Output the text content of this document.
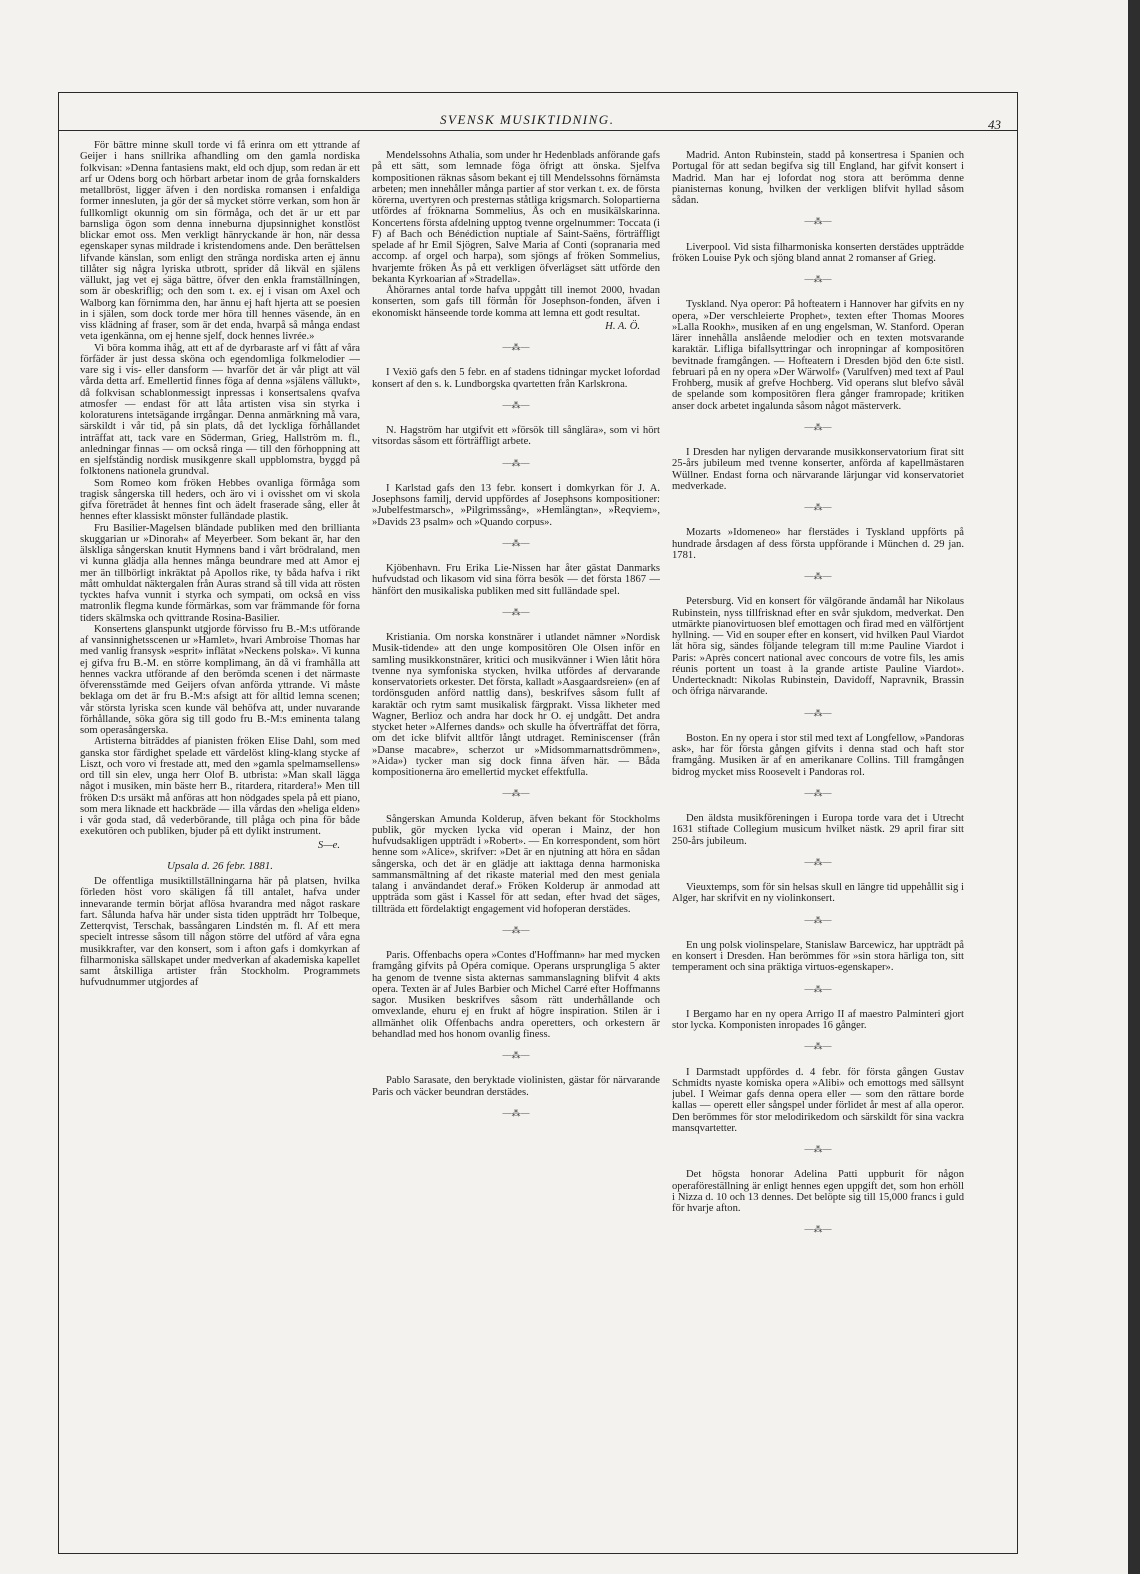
SVENSK MUSIKTIDNING.	43

För bättre minne skull torde vi få erinra om ett yttrande af Geijer i hans snillrika afhandling om den gamla nordiska folkvisan: »Denna fantasiens makt, eld och djup, som redan är ett arf ur Odens borg och hörbart arbetar inom de gråa fornskalders metallbröst, ligger äfven i den nordiska romansen i enfaldiga former innesluten, ja gör der så mycket större verkan, som hon är fullkomligt okunnig om sin förmåga, och det är ur ett par barnsliga ögon som denna inneburna djupsinnighet konstlöst blickar emot oss. Men verkligt hänryckande är hon, när dessa egenskaper synas mildrade i kristendomens ande. Den berättelsen lifvande känslan, som enligt den stränga nordiska arten ej ännu tillåter sig några lyriska utbrott, sprider då likväl en själens vällukt, jag vet ej säga bättre, öfver den enkla framställningen, som är obeskriflig; och den som t. ex. ej i visan om Axel och Walborg kan förnimma den, har ännu ej haft hjerta att se poesien in i själen, som dock torde mer höra till hennes väsende, än en viss klädning af fraser, som är det enda, hvarpå så många endast veta igenkänna, om ej henne sjelf, dock hennes livrée.»

Vi böra komma ihåg, att ett af de dyrbaraste arf vi fått af våra förfäder är just dessa sköna och egendomliga folkmelodier — vare sig i vis- eller dansform — hvarför det är vår pligt att väl vårda detta arf. Emellertid finnes föga af denna »själens vällukt», då folkvisan schablonmessigt inpressas i konsertsalens qvafva atmosfer — endast för att låta artisten visa sin styrka i koloraturens intetsägande irrgångar. Denna anmärkning må vara, särskildt i vår tid, på sin plats, då det lyckliga förhållandet inträffat att, tack vare en Söderman, Grieg, Hallström m. fl., anledningar finnas — om också ringa — till den förhoppning att en sjelfständig nordisk musikgenre skall uppblomstra, byggd på folktonens nationela grundval.

Som Romeo kom fröken Hebbes ovanliga förmåga som tragisk sångerska till heders, och äro vi i ovisshet om vi skola gifva företrädet åt hennes fint och ädelt fraserade sång, eller åt hennes efter klassiskt mönster fulländade plastik.

Fru Basilier-Magelsen bländade publiken med den brillianta skuggarian ur »Dinorah« af Meyerbeer. Som bekant är, har den älskliga sångerskan knutit Hymnens band i vårt brödraland, men vi kunna glädja alla hennes många beundrare med att Amor ej mer än tillbörligt inkräktat på Apollos rike, ty båda hafva i rikt mått omhuldat näktergalen från Auras strand så till vida att rösten tycktes hafva vunnit i styrka och sympati, om också en viss matronlik flegma kunde förmärkas, som var främmande för forna tiders skälmska och qvittrande Rosina-Basilier.

Konsertens glanspunkt utgjorde förvisso fru B.-M:s utförande af vansinnighetsscenen ur »Hamlet», hvari Ambroise Thomas har med vanlig fransysk »esprit» inflätat »Neckens polska». Vi kunna ej gifva fru B.-M. en större komplimang, än då vi framhålla att hennes vackra utförande af den berömda scenen i det närmaste öfverensstämde med Geijers ofvan anförda yttrande. Vi måste beklaga om det är fru B.-M:s afsigt att för alltid lemna scenen; vår största lyriska scen kunde väl behöfva att, under nuvarande förhållande, söka göra sig till godo fru B.-M:s eminenta talang som operasångerska.

Artisterna biträddes af pianisten fröken Elise Dahl, som med ganska stor färdighet spelade ett värdelöst kling-klang stycke af Liszt, och voro vi frestade att, med den »gamla spelmamsellens» ord till sin elev, unga herr Olof B. utbrista: »Man skall lägga något i musiken, min bäste herr B., ritardera, ritardera!» Men till fröken D:s ursäkt må anföras att hon nödgades spela på ett piano, som mera liknade ett hackbräde — illa vårdas den »heliga elden» i vår goda stad, då vederbörande, till plåga och pina för både exekutören och publiken, bjuder på ett dylikt instrument.

S—e.
Upsala d. 26 febr. 1881.

De offentliga musiktillställningarna här på platsen, hvilka förleden höst voro skäligen få till antalet, hafva under innevarande termin börjat aflösa hvarandra med något raskare fart. Sålunda hafva här under sista tiden uppträdt hrr Tolbeque, Zetterqvist, Terschak, bassångaren Lindstén m. fl. Af ett mera specielt intresse såsom till någon större del utförd af våra egna musikkrafter, var den konsert, som i afton gafs i domkyrkan af filharmoniska sällskapet under medverkan af akademiska kapellet samt åtskilliga artister från Stockholm. Programmets hufvudnummer utgjordes af

Mendelssohns Athalia, som under hr Hedenblads anförande gafs på ett sätt, som lemnade föga öfrigt att önska. Sjelfva kompositionen räknas såsom bekant ej till Mendelssohns förnämsta arbeten; men innehåller många partier af stor verkan t. ex. de första körerna, uvertyren och presternas ståtliga krigsmarch. Solopartierna utfördes af fröknarna Sommelius, Ås och en musikälskarinna. Koncertens första afdelning upptog tvenne orgelnummer: Toccata (i F) af Bach och Bénédiction nuptiale af Saint-Saëns, förträffligt spelade af hr Emil Sjögren, Salve Maria af Conti (sopranaria med accomp. af orgel och harpa), som sjöngs af fröken Sommelius, hvarjemte fröken Ås på ett verkligen öfverlägset sätt utförde den bekanta Kyrkoarian af »Stradella».

Åhörarnes antal torde hafva uppgått till inemot 2000, hvadan konserten, som gafs till förmån för Josephson-fonden, äfven i ekonomiskt hänseende torde komma att lemna ett godt resultat.

H. A. Ö.
—⁂—

I Vexiö gafs den 5 febr. en af stadens tidningar mycket lofordad konsert af den s. k. Lundborgska qvartetten från Karlskrona.

—⁂—

N. Hagström har utgifvit ett »försök till sånglära», som vi hört vitsordas såsom ett förträffligt arbete.

—⁂—

I Karlstad gafs den 13 febr. konsert i domkyrkan för J. A. Josephsons familj, dervid uppfördes af Josephsons kompositioner: »Jubelfestmarsch», »Pilgrimssång», »Hemlängtan», »Reqviem», »Davids 23 psalm» och »Quando corpus».

—⁂—

Kjöbenhavn. Fru Erika Lie-Nissen har åter gästat Danmarks hufvudstad och likasom vid sina förra besök — det första 1867 — hänfört den musikaliska publiken med sitt fulländade spel.

—⁂—

Kristiania. Om norska konstnärer i utlandet nämner »Nordisk Musik-tidende» att den unge kompositören Ole Olsen inför en samling musikkonstnärer, kritici och musikvänner i Wien låtit höra tvenne nya symfoniska stycken, hvilka utfördes af dervarande konservatoriets orkester. Det första, kalladt »Aasgaardsreien» (en af tordönsguden anförd nattlig dans), beskrifves såsom fullt af karaktär och rytm samt musikalisk färgprakt. Vissa likheter med Wagner, Berlioz och andra har dock hr O. ej undgått. Det andra stycket heter »Alfernes dands» och skulle ha öfverträffat det förra, om det icke blifvit alltför långt utdraget. Reminiscenser (från »Danse macabre», scherzot ur »Midsommarnattsdrömmen», »Aida») tycker man sig dock finna äfven här. — Båda kompositionerna äro emellertid mycket effektfulla.

—⁂—

Sångerskan Amunda Kolderup, äfven bekant för Stockholms publik, gör mycken lycka vid operan i Mainz, der hon hufvudsakligen uppträdt i »Robert». — En korrespondent, som hört henne som »Alice», skrifver: »Det är en njutning att höra en sådan sångerska, och det är en glädje att iakttaga denna harmoniska sammansmältning af det rikaste material med den mest geniala talang i användandet deraf.» Fröken Kolderup är anmodad att uppträda som gäst i Kassel för att sedan, efter hvad det säges, tillträda ett fördelaktigt engagement vid hofoperan derstädes.

—⁂—

Paris. Offenbachs opera »Contes d'Hoffmann» har med mycken framgång gifvits på Opéra comique. Operans ursprungliga 5 akter ha genom de tvenne sista akternas sammanslagning blifvit 4 akts opera. Texten är af Jules Barbier och Michel Carré efter Hoffmanns sagor. Musiken beskrifves såsom rätt underhållande och omvexlande, ehuru ej en frukt af högre inspiration. Stilen är i allmänhet olik Offenbachs andra operetters, och orkestern är behandlad med hos honom ovanlig finess.

—⁂—

Pablo Sarasate, den beryktade violinisten, gästar för närvarande Paris och väcker beundran derstädes.

—⁂—

Madrid. Anton Rubinstein, stadd på konsertresa i Spanien och Portugal för att sedan begifva sig till England, har gifvit konsert i Madrid. Man har ej lofordat nog stora att berömma denne pianisternas konung, hvilken der verkligen blifvit hyllad såsom sådan.

—⁂—

Liverpool. Vid sista filharmoniska konserten derstädes uppträdde fröken Louise Pyk och sjöng bland annat 2 romanser af Grieg.

—⁂—

Tyskland. Nya operor: På hofteatern i Hannover har gifvits en ny opera, »Der verschleierte Prophet», texten efter Thomas Moores »Lalla Rookh», musiken af en ung engelsman, W. Stanford. Operan lärer innehålla anslående melodier och en texten motsvarande karaktär. Lifliga bifallsyttringar och inropningar af kompositören bevitnade framgången. — Hofteatern i Dresden bjöd den 6:te sistl. februari på en ny opera »Der Wärwolf» (Varulfven) med text af Paul Frohberg, musik af grefve Hochberg. Vid operans slut blefvo såväl de spelande som kompositören flera gånger framropade; kritiken anser dock arbetet ingalunda såsom något mästerverk.

—⁂—

I Dresden har nyligen dervarande musikkonservatorium firat sitt 25-års jubileum med tvenne konserter, anförda af kapellmästaren Wüllner. Endast forna och närvarande lärjungar vid konservatoriet medverkade.

—⁂—

Mozarts »Idomeneo» har flerstädes i Tyskland uppförts på hundrade årsdagen af dess första uppförande i München d. 29 jan. 1781.

—⁂—

Petersburg. Vid en konsert för välgörande ändamål har Nikolaus Rubinstein, nyss tillfrisknad efter en svår sjukdom, medverkat. Den utmärkte pianovirtuosen blef emottagen och firad med en välförtjent hyllning. — Vid en souper efter en konsert, vid hvilken Paul Viardot lät höra sig, sändes följande telegram till m:me Pauline Viardot i Paris: »Après concert national avec concours de votre fils, les amis réunis portent un toast à la grande artiste Pauline Viardot». Undertecknadt: Nikolas Rubinstein, Davidoff, Napravnik, Brassin och öfriga närvarande.

—⁂—

Boston. En ny opera i stor stil med text af Longfellow, »Pandoras ask», har för första gången gifvits i denna stad och haft stor framgång. Musiken är af en amerikanare Collins. Till framgången bidrog mycket miss Roosevelt i Pandoras rol.

—⁂—

Den äldsta musikföreningen i Europa torde vara det i Utrecht 1631 stiftade Collegium musicum hvilket nästk. 29 april firar sitt 250-års jubileum.

—⁂—

Vieuxtemps, som för sin helsas skull en längre tid uppehållit sig i Alger, har skrifvit en ny violinkonsert.

—⁂—

En ung polsk violinspelare, Stanislaw Barcewicz, har uppträdt på en konsert i Dresden. Han berömmes för »sin stora härliga ton, sitt temperament och sina präktiga virtuos-egenskaper».

—⁂—

I Bergamo har en ny opera Arrigo II af maestro Palminteri gjort stor lycka. Komponisten inropades 16 gånger.

—⁂—

I Darmstadt uppfördes d. 4 febr. för första gången Gustav Schmidts nyaste komiska opera »Alibi» och emottogs med sällsynt jubel. I Weimar gafs denna opera eller — som den rättare borde kallas — operett eller sångspel under förlidet år mest af alla operor. Den berömmes för stor melodirikedom och särskildt för sina vackra mansqvartetter.

—⁂—

Det högsta honorar Adelina Patti uppburit för någon operaföreställning är enligt hennes egen uppgift det, som hon erhöll i Nizza d. 10 och 13 dennes. Det belöpte sig till 15,000 francs i guld för hvarje afton.

—⁂—
